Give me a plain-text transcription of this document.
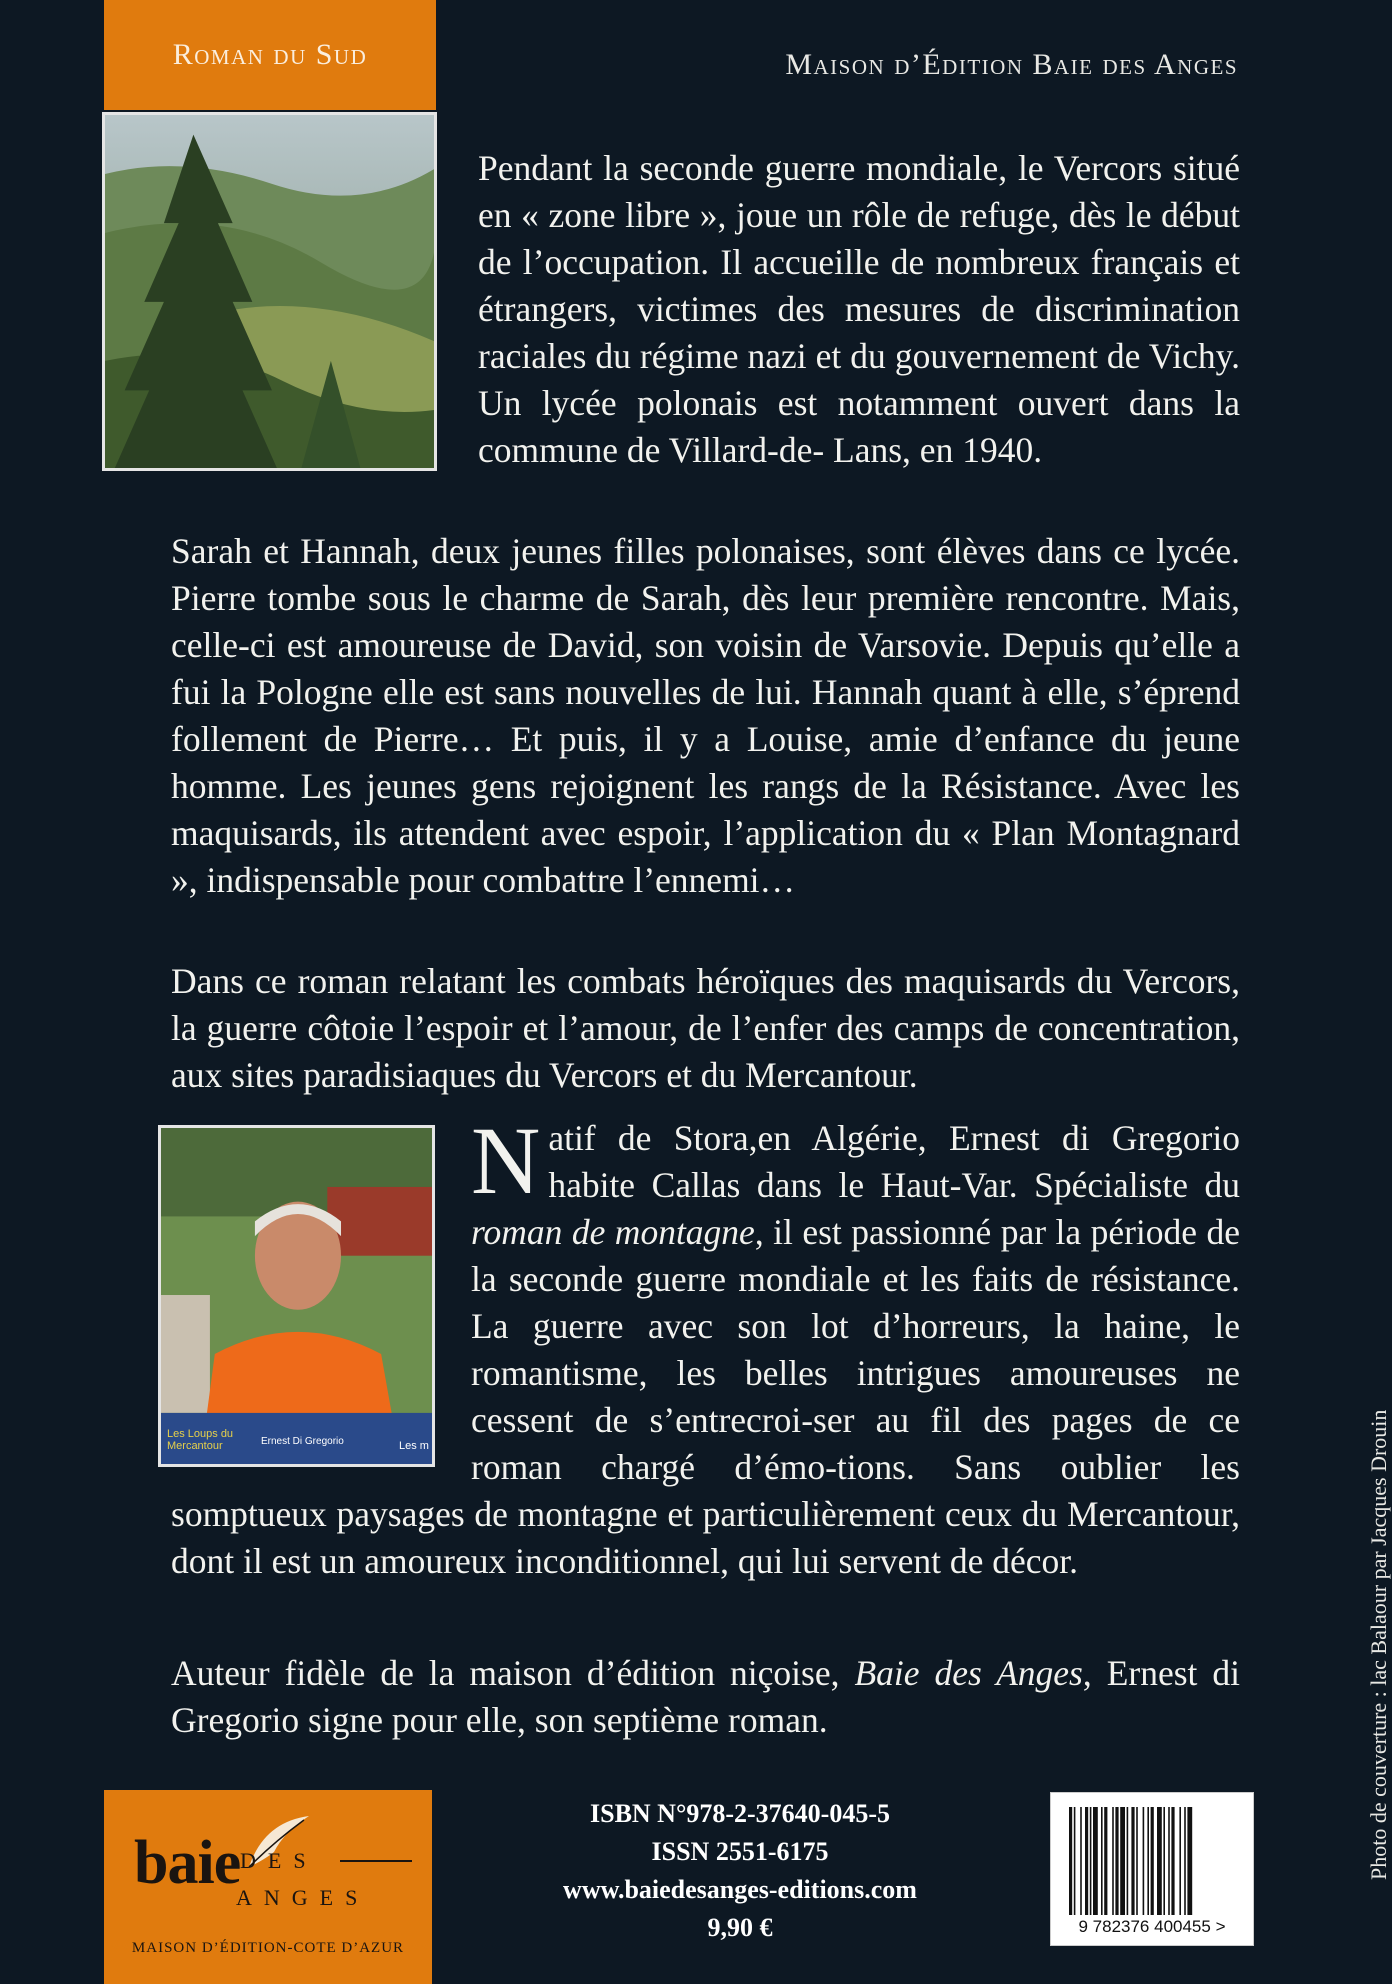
Roman du Sud	Maison d’Édition Baie des Anges

Pendant la seconde guerre mondiale, le Vercors situé en « zone libre », joue un rôle de refuge, dès le début de l’occupation. Il accueille de nombreux français et étrangers, victimes des mesures de discrimination raciales du régime nazi et du gouvernement de Vichy. Un lycée polonais est notamment ouvert dans la commune de Villard-de- Lans, en 1940.

Sarah et Hannah, deux jeunes filles polonaises, sont élèves dans ce lycée. Pierre tombe sous le charme de Sarah, dès leur première rencontre. Mais, celle-ci est amoureuse de David, son voisin de Varsovie. Depuis qu’elle a fui la Pologne elle est sans nouvelles de lui. Hannah quant à elle, s’éprend follement de Pierre… Et puis, il y a Louise, amie d’enfance du jeune homme. Les jeunes gens rejoignent les rangs de la Résistance. Avec les maquisards, ils attendent avec espoir, l’application du « Plan Montagnard », indispensable pour combattre l’ennemi…

Dans ce roman relatant les combats héroïques des maquisards du Vercors, la guerre côtoie l’espoir et l’amour, de l’enfer des camps de concentration, aux sites paradisiaques du Vercors et du Mercantour.

Les Loups du Mercantour	Ernest Di Gregorio	Les m

Natif de Stora,en Algérie, Ernest di Gregorio habite Callas dans le Haut-Var. Spécialiste du roman de montagne, il est passionné par la période de la seconde guerre mondiale et les faits de résistance. La guerre avec son lot d’horreurs, la haine, le romantisme, les belles intrigues amoureuses ne cessent de s’entrecroi-ser au fil des pages de ce roman chargé d’émo-tions. Sans oublier les somptueux paysages de montagne et particulièrement ceux du Mercantour, dont il est un amoureux inconditionnel, qui lui servent de décor.

Auteur fidèle de la maison d’édition niçoise, Baie des Anges, Ernest di Gregorio signe pour elle, son septième roman.

baie DES
ANGES
MAISON D’ÉDITION-COTE D’AZUR
ISBN N°978-2-37640-045-5
ISSN 2551-6175
www.baiedesanges-editions.com
9,90 €	9 782376 400455 >
Photo de couverture : lac Balaour par Jacques Drouin
